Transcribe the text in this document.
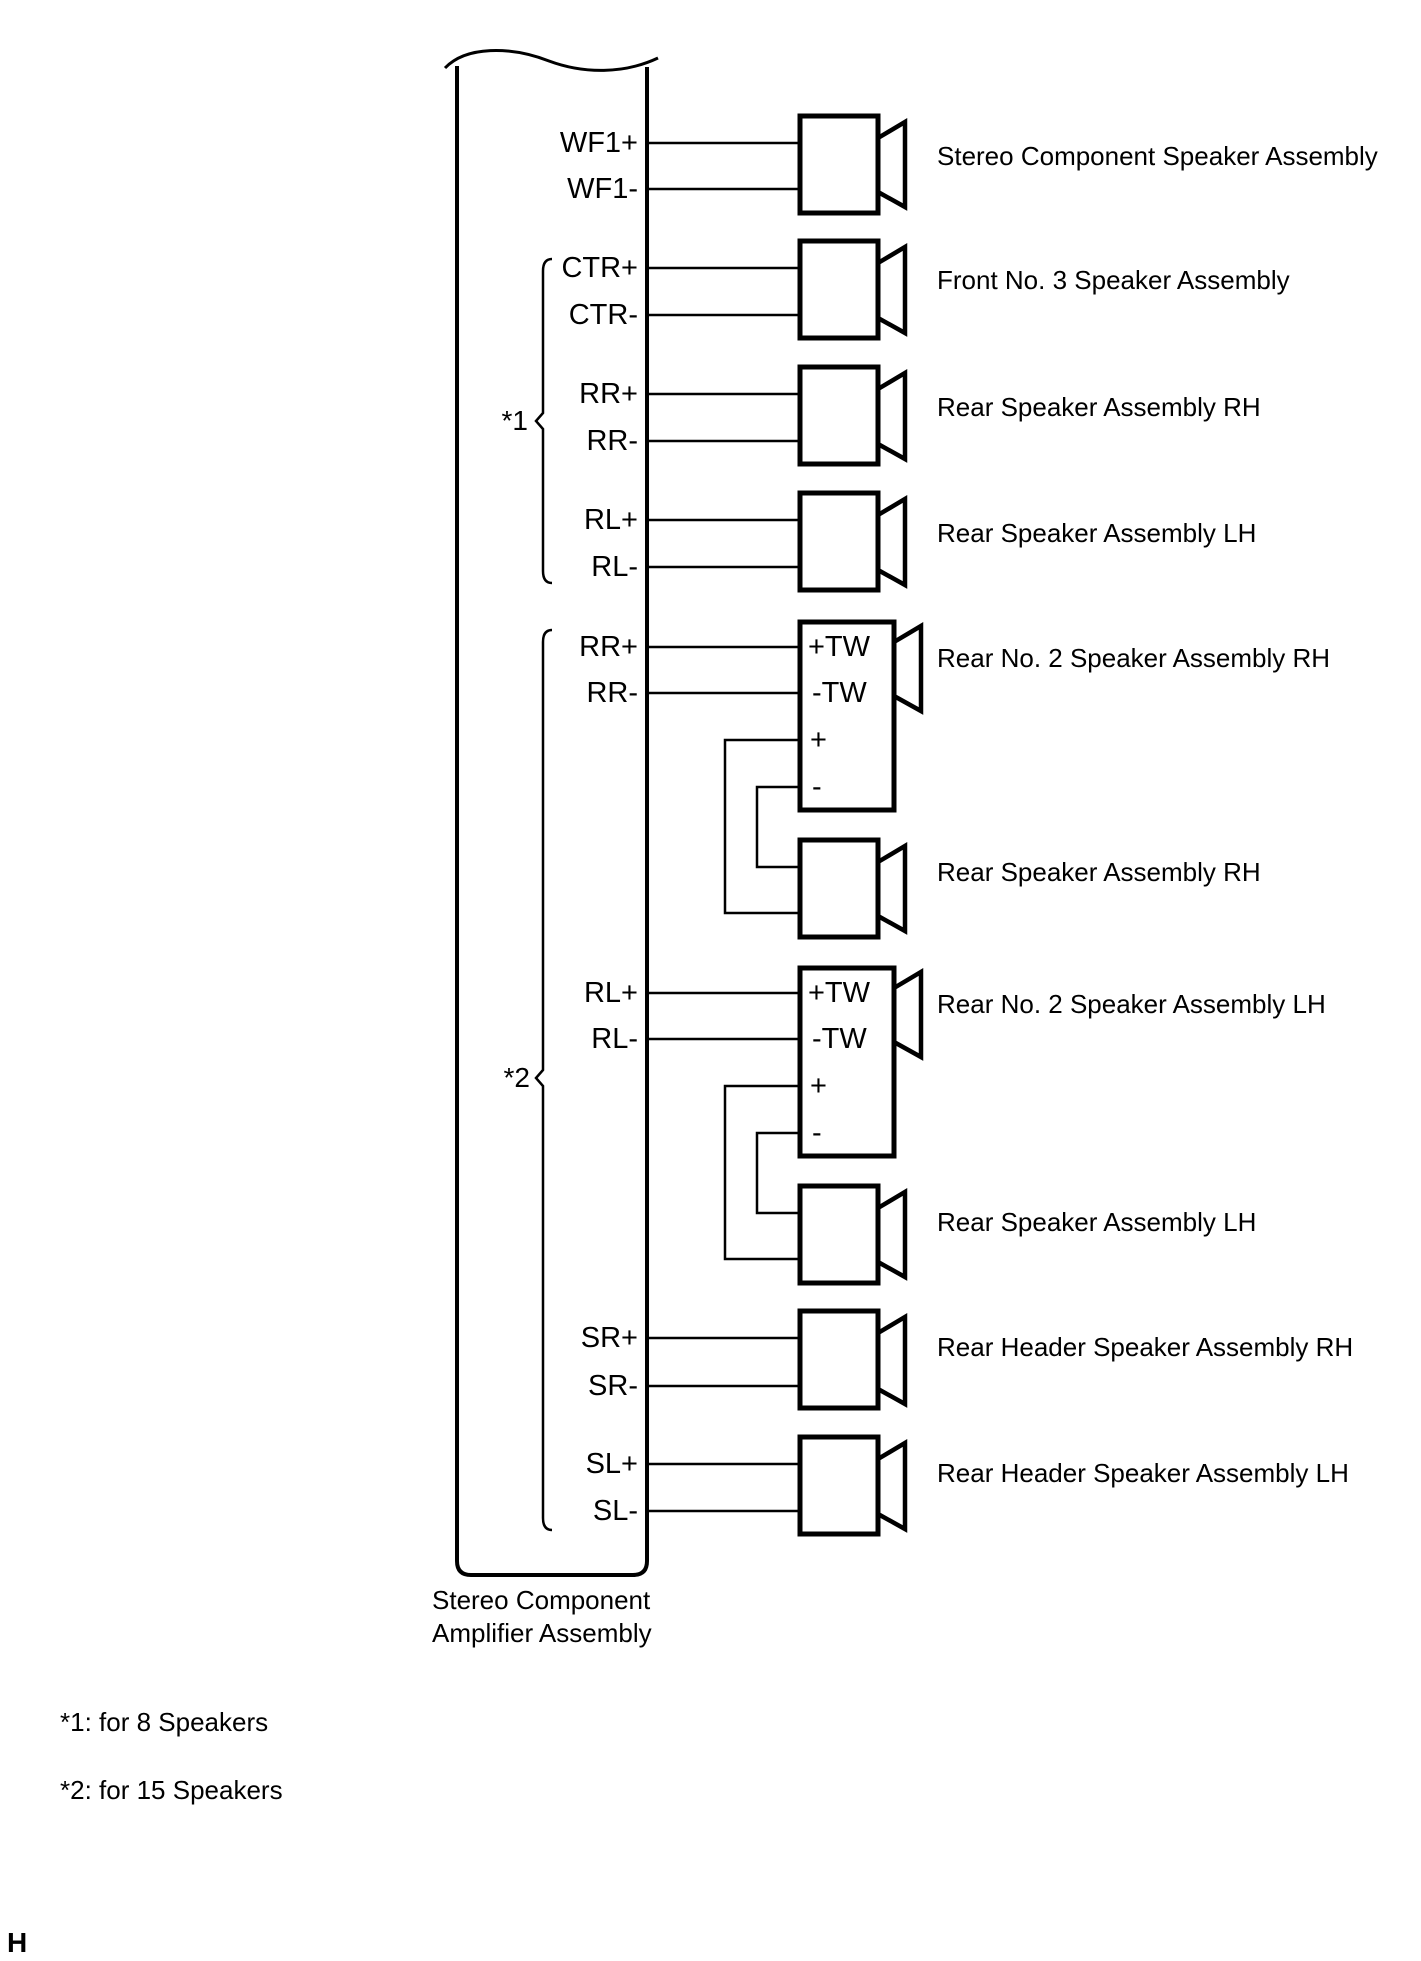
WF1+
WF1-
CTR+
CTR-
RR+
RR-
RL+
RL-
RR+
RR-
RL+
RL-
SR+
SR-
SL+
SL-
+TW
-TW
+
-
+TW
-TW
+
-
Stereo Component Speaker Assembly
Front No. 3 Speaker Assembly
Rear Speaker Assembly RH
Rear Speaker Assembly LH
Rear No. 2 Speaker Assembly RH
Rear Speaker Assembly RH
Rear No. 2 Speaker Assembly LH
Rear Speaker Assembly LH
Rear Header Speaker Assembly RH
Rear Header Speaker Assembly LH
*1
*2
Stereo Component
Amplifier Assembly
*1: for 8 Speakers
*2: for 15 Speakers
H
